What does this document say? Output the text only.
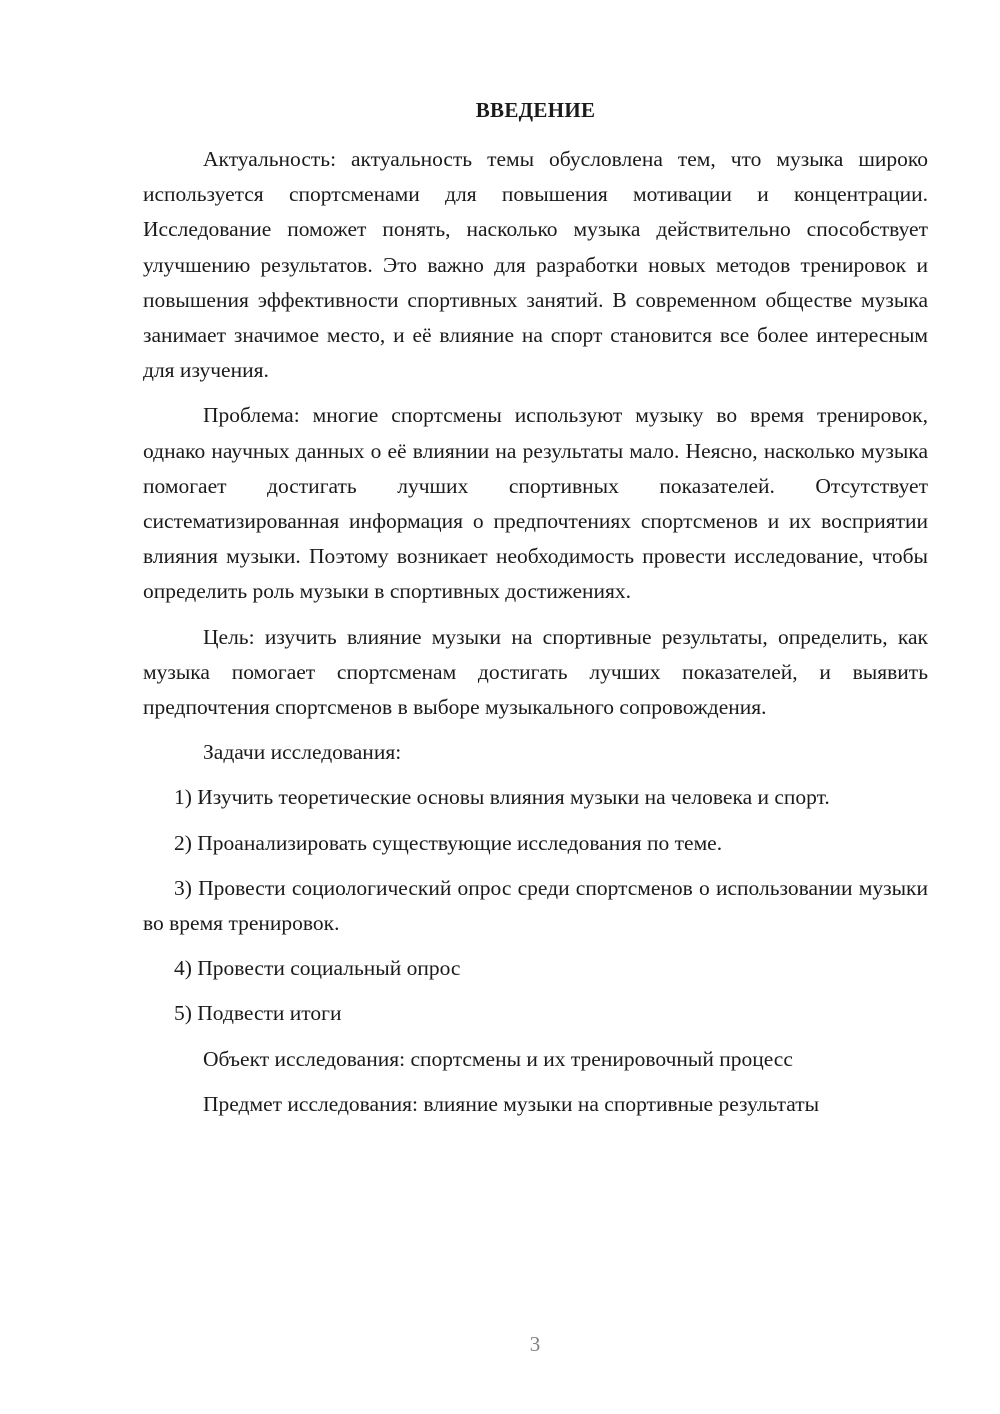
ВВЕДЕНИЕ

Актуальность: актуальность темы обусловлена тем, что музыка широко используется спортсменами для повышения мотивации и концентрации. Исследование поможет понять, насколько музыка действительно способствует улучшению результатов. Это важно для разработки новых методов тренировок и повышения эффективности спортивных занятий. В современном обществе музыка занимает значимое место, и её влияние на спорт становится все более интересным для изучения.

Проблема: многие спортсмены используют музыку во время тренировок, однако научных данных о её влиянии на результаты мало. Неясно, насколько музыка помогает достигать лучших спортивных показателей. Отсутствует систематизированная информация о предпочтениях спортсменов и их восприятии влияния музыки. Поэтому возникает необходимость провести исследование, чтобы определить роль музыки в спортивных достижениях.

Цель: изучить влияние музыки на спортивные результаты, определить, как музыка помогает спортсменам достигать лучших показателей, и выявить предпочтения спортсменов в выборе музыкального сопровождения.

Задачи исследования:

1) Изучить теоретические основы влияния музыки на человека и спорт.

2) Проанализировать существующие исследования по теме.

3) Провести социологический опрос среди спортсменов о использовании музыки во время тренировок.

4) Провести социальный опрос

5) Подвести итоги

Объект исследования: спортсмены и их тренировочный процесс

Предмет исследования: влияние музыки на спортивные результаты

3
